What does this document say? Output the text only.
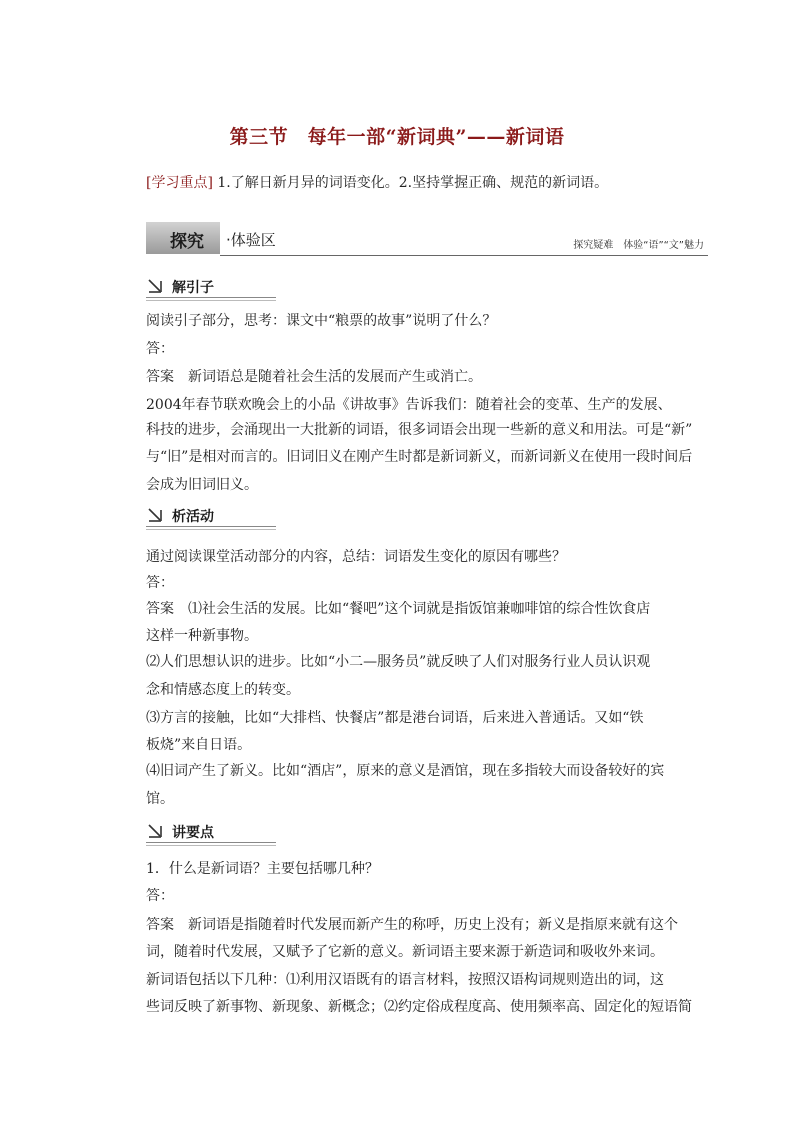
第三节　每年一部“新词典”——新词语
[学习重点] 1.了解日新月异的词语变化。2.坚持掌握正确、规范的新词语。
探究 ·体验区	探究疑难　体验“语”“文”魅力
解引子
阅读引子部分，思考：课文中“粮票的故事”说明了什么？
答：
答案　新词语总是随着社会生活的发展而产生或消亡。
2004年春节联欢晚会上的小品《讲故事》告诉我们：随着社会的变革、生产的发展、
科技的进步，会涌现出一大批新的词语，很多词语会出现一些新的意义和用法。可是“新”
与“旧”是相对而言的。旧词旧义在刚产生时都是新词新义，而新词新义在使用一段时间后
会成为旧词旧义。
析活动
通过阅读课堂活动部分的内容，总结：词语发生变化的原因有哪些？
答：
答案　⑴社会生活的发展。比如“餐吧”这个词就是指饭馆兼咖啡馆的综合性饮食店
这样一种新事物。
⑵人们思想认识的进步。比如“小二—服务员”就反映了人们对服务行业人员认识观
念和情感态度上的转变。
⑶方言的接触，比如“大排档、快餐店”都是港台词语，后来进入普通话。又如“铁
板烧”来自日语。
⑷旧词产生了新义。比如“酒店”，原来的意义是酒馆，现在多指较大而设备较好的宾
馆。
讲要点
1．什么是新词语？主要包括哪几种？
答：
答案　新词语是指随着时代发展而新产生的称呼，历史上没有；新义是指原来就有这个
词，随着时代发展，又赋予了它新的意义。新词语主要来源于新造词和吸收外来词。
新词语包括以下几种：⑴利用汉语既有的语言材料，按照汉语构词规则造出的词，这
些词反映了新事物、新现象、新概念；⑵约定俗成程度高、使用频率高、固定化的短语简
